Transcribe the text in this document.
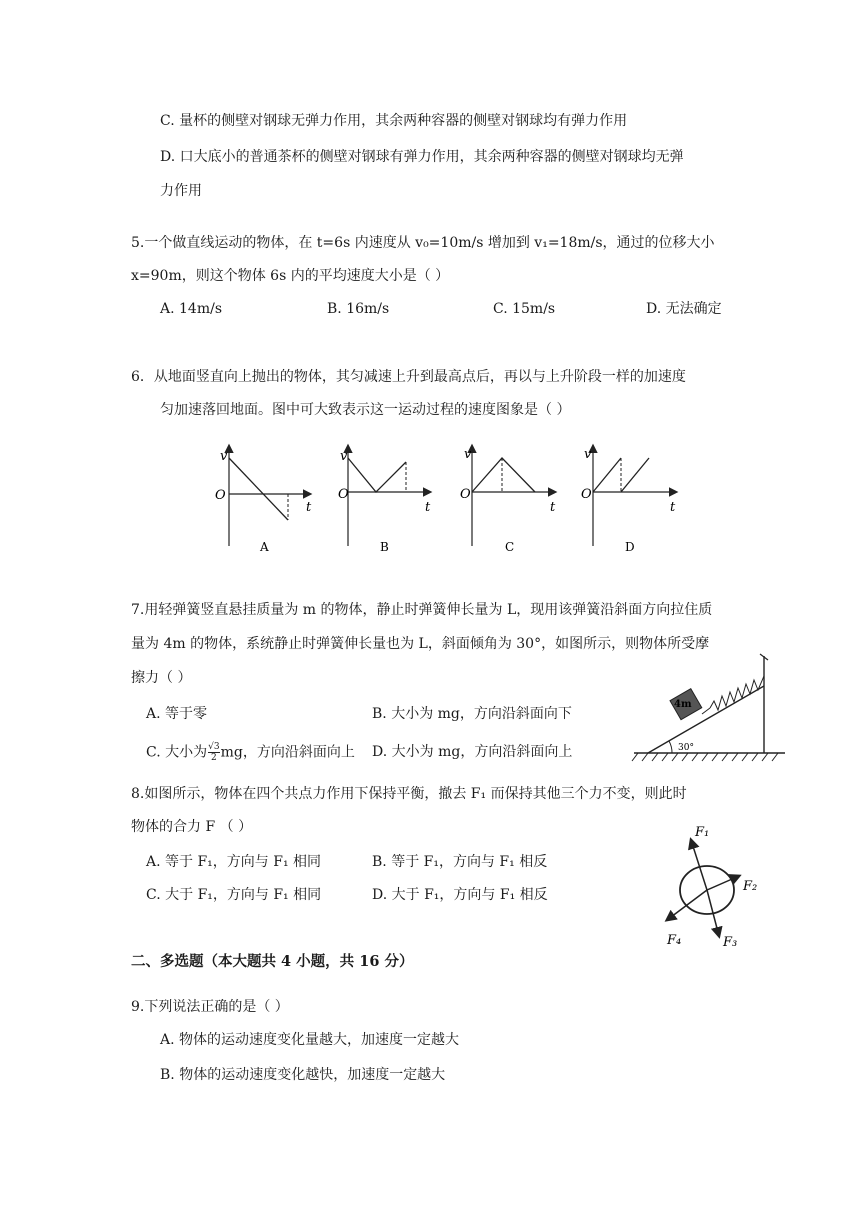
C. 量杯的侧壁对钢球无弹力作用，其余两种容器的侧壁对钢球均有弹力作用
D. 口大底小的普通茶杯的侧壁对钢球有弹力作用，其余两种容器的侧壁对钢球均无弹
力作用
5.一个做直线运动的物体，在 t=6s 内速度从 v₀=10m/s 增加到 v₁=18m/s，通过的位移大小
x=90m，则这个物体 6s 内的平均速度大小是（ ）
A. 14m/s	B. 16m/s	C. 15m/s	D. 无法确定
6．从地面竖直向上抛出的物体，其匀减速上升到最高点后，再以与上升阶段一样的加速度
匀加速落回地面。图中可大致表示这一运动过程的速度图象是（ ）
v
O
t
A
v
O
t
B
v
O
t
C
v
O
t
D
7.用轻弹簧竖直悬挂质量为 m 的物体，静止时弹簧伸长量为 L，现用该弹簧沿斜面方向拉住质
量为 4m 的物体，系统静止时弹簧伸长量也为 L，斜面倾角为 30°，如图所示，则物体所受摩
擦力（ ）
A. 等于零	B. 大小为 mg，方向沿斜面向下
C. 大小为 $\frac{√3}{2}$ mg，方向沿斜面向上 D. 大小为 mg，方向沿斜面向上
4m
30°
8.如图所示，物体在四个共点力作用下保持平衡，撤去 F₁ 而保持其他三个力不变，则此时
物体的合力 F （ ）
A. 等于 F₁，方向与 F₁ 相同	B. 等于 F₁，方向与 F₁ 相反
C. 大于 F₁，方向与 F₁ 相同	D. 大于 F₁，方向与 F₁ 相反
F₁
F₂
F₃
F₄
二、多选题（本大题共 4 小题，共 16 分）
9.下列说法正确的是（ ）
A. 物体的运动速度变化量越大，加速度一定越大
B. 物体的运动速度变化越快，加速度一定越大
